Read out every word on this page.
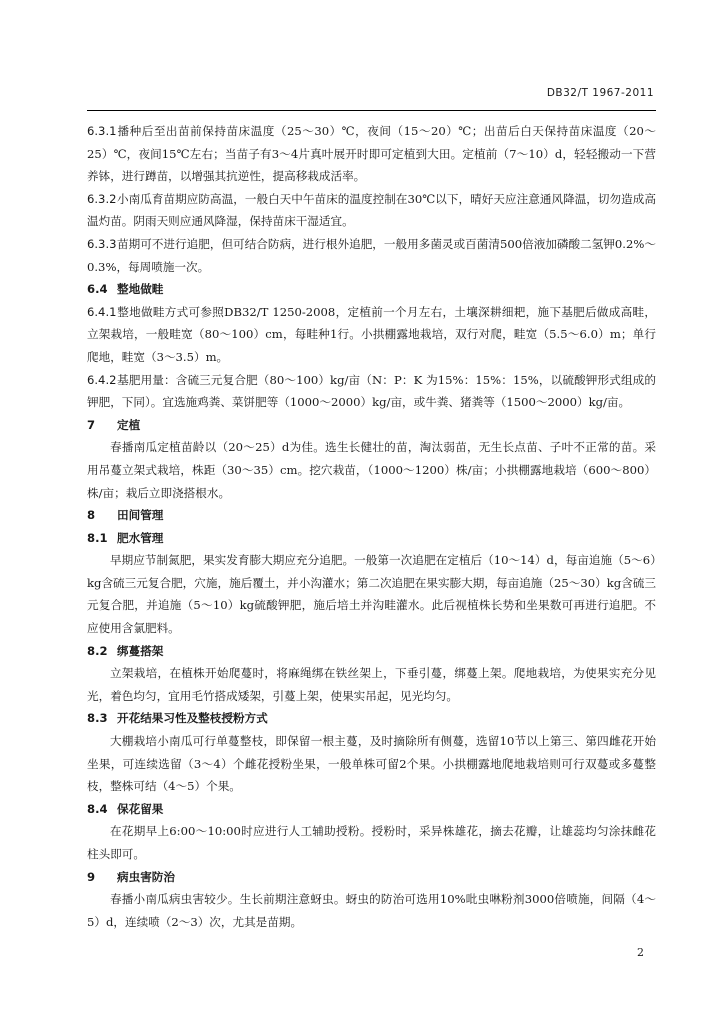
DB32/T 1967-2011

6.3.1播种后至出苗前保持苗床温度（25～30）℃，夜间（15～20）℃；出苗后白天保持苗床温度（20～25）℃，夜间15℃左右；当苗子有3～4片真叶展开时即可定植到大田。定植前（7～10）d，轻轻搬动一下营养钵，进行蹲苗，以增强其抗逆性，提高移栽成活率。

6.3.2小南瓜育苗期应防高温，一般白天中午苗床的温度控制在30℃以下，晴好天应注意通风降温，切勿造成高温灼苗。阴雨天则应通风降湿，保持苗床干湿适宜。

6.3.3苗期可不进行追肥，但可结合防病，进行根外追肥，一般用多菌灵或百菌清500倍液加磷酸二氢钾0.2%～0.3%，每周喷施一次。

6.4 整地做畦

6.4.1整地做畦方式可参照DB32/T 1250-2008，定植前一个月左右，土壤深耕细耙，施下基肥后做成高畦，立架栽培，一般畦宽（80～100）cm，每畦种1行。小拱棚露地栽培，双行对爬，畦宽（5.5～6.0）m；单行爬地，畦宽（3～3.5）m。

6.4.2基肥用量：含硫三元复合肥（80～100）kg/亩（N：P：K 为15%：15%：15%，以硫酸钾形式组成的钾肥，下同）。宜选施鸡粪、菜饼肥等（1000～2000）kg/亩，或牛粪、猪粪等（1500～2000）kg/亩。

7 定植

春播南瓜定植苗龄以（20～25）d为佳。选生长健壮的苗，淘汰弱苗，无生长点苗、子叶不正常的苗。采用吊蔓立架式栽培，株距（30～35）cm。挖穴栽苗，（1000～1200）株/亩；小拱棚露地栽培（600～800）株/亩；栽后立即浇搭根水。

8 田间管理

8.1 肥水管理

早期应节制氮肥，果实发育膨大期应充分追肥。一般第一次追肥在定植后（10～14）d，每亩追施（5～6）kg含硫三元复合肥，穴施，施后覆土，并小沟灌水；第二次追肥在果实膨大期，每亩追施（25～30）kg含硫三元复合肥，并追施（5～10）kg硫酸钾肥，施后培土并沟畦灌水。此后视植株长势和坐果数可再进行追肥。不应使用含氯肥料。

8.2 绑蔓搭架

立架栽培，在植株开始爬蔓时，将麻绳绑在铁丝架上，下垂引蔓，绑蔓上架。爬地栽培，为使果实充分见光，着色均匀，宜用毛竹搭成矮架，引蔓上架，使果实吊起，见光均匀。

8.3 开花结果习性及整枝授粉方式

大棚栽培小南瓜可行单蔓整枝，即保留一根主蔓，及时摘除所有侧蔓，选留10节以上第三、第四雌花开始坐果，可连续选留（3～4）个雌花授粉坐果，一般单株可留2个果。小拱棚露地爬地栽培则可行双蔓或多蔓整枝，整株可结（4～5）个果。

8.4 保花留果

在花期早上6:00～10:00时应进行人工辅助授粉。授粉时，采异株雄花，摘去花瓣，让雄蕊均匀涂抹雌花柱头即可。

9 病虫害防治

春播小南瓜病虫害较少。生长前期注意蚜虫。蚜虫的防治可选用10%吡虫啉粉剂3000倍喷施，间隔（4～5）d，连续喷（2～3）次，尤其是苗期。

2
